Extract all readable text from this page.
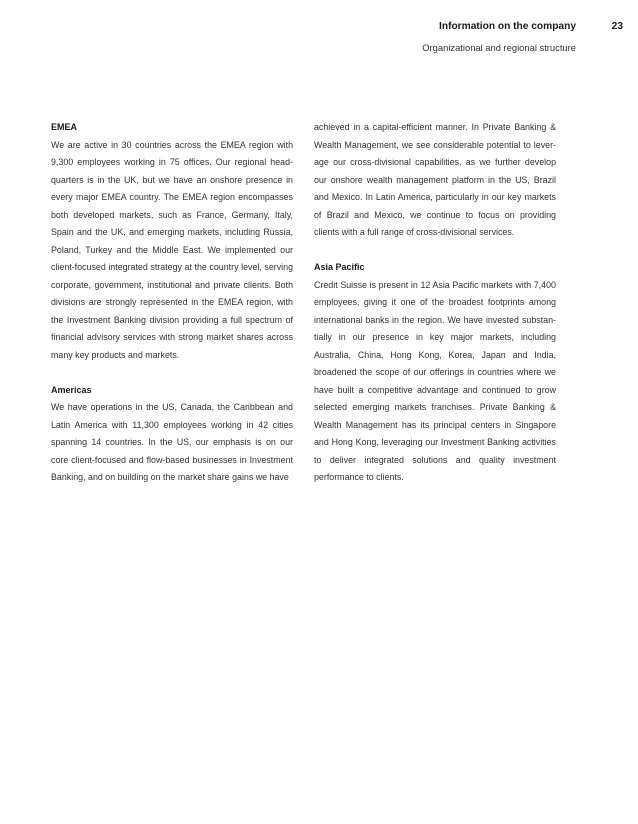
Information on the company
Organizational and regional structure
23
EMEA

We are active in 30 countries across the EMEA region with 9,300 employees working in 75 offices. Our regional headquarters is in the UK, but we have an onshore presence in every major EMEA country. The EMEA region encompasses both developed markets, such as France, Germany, Italy, Spain and the UK, and emerging markets, including Russia, Poland, Turkey and the Middle East. We implemented our client-focused integrated strategy at the country level, serving corporate, government, institutional and private clients. Both divisions are strongly represented in the EMEA region, with the Investment Banking division providing a full spectrum of financial advisory services with strong market shares across many key products and markets.

Americas

We have operations in the US, Canada, the Caribbean and Latin America with 11,300 employees working in 42 cities spanning 14 countries. In the US, our emphasis is on our core client-focused and flow-based businesses in Investment Banking, and on building on the market share gains we have

achieved in a capital-efficient manner. In Private Banking & Wealth Management, we see considerable potential to leverage our cross-divisional capabilities, as we further develop our onshore wealth management platform in the US, Brazil and Mexico. In Latin America, particularly in our key markets of Brazil and Mexico, we continue to focus on providing clients with a full range of cross-divisional services.

Asia Pacific

Credit Suisse is present in 12 Asia Pacific markets with 7,400 employees, giving it one of the broadest footprints among international banks in the region. We have invested substantially in our presence in key major markets, including Australia, China, Hong Kong, Korea, Japan and India, broadened the scope of our offerings in countries where we have built a competitive advantage and continued to grow selected emerging markets franchises. Private Banking & Wealth Management has its principal centers in Singapore and Hong Kong, leveraging our Investment Banking activities to deliver integrated solutions and quality investment performance to clients.
